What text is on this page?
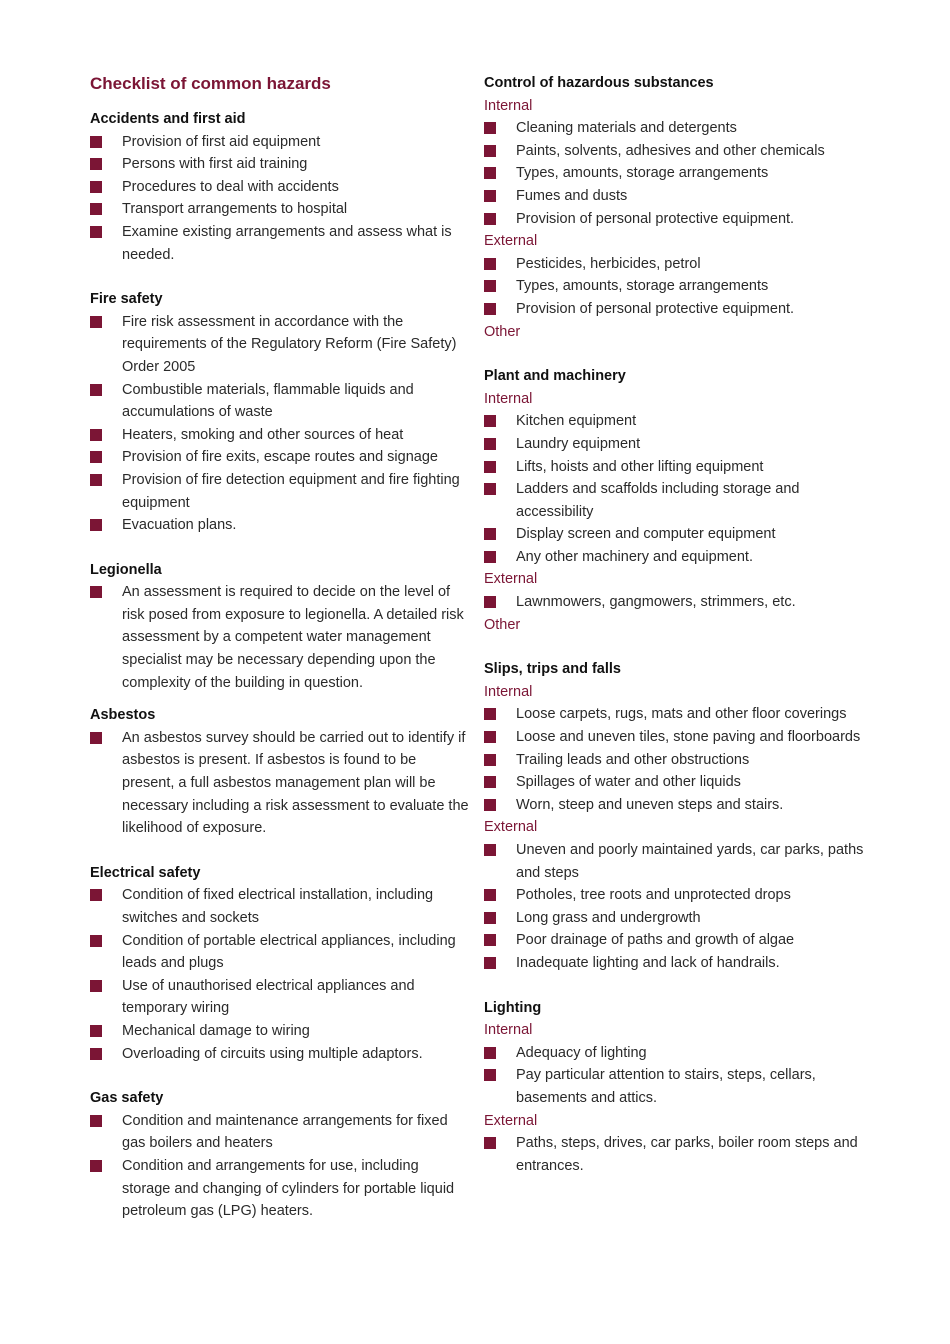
Checklist of common hazards
Accidents and first aid
Provision of first aid equipment
Persons with first aid training
Procedures to deal with accidents
Transport arrangements to hospital
Examine existing arrangements and assess what is needed.
Fire safety
Fire risk assessment in accordance with the requirements of the Regulatory Reform (Fire Safety) Order 2005
Combustible materials, flammable liquids and accumulations of waste
Heaters, smoking and other sources of heat
Provision of fire exits, escape routes and signage
Provision of fire detection equipment and fire fighting equipment
Evacuation plans.
Legionella
An assessment is required to decide on the level of risk posed from exposure to legionella. A detailed risk assessment by a competent water management specialist may be necessary depending upon the complexity of the building in question.
Asbestos
An asbestos survey should be carried out to identify if asbestos is present. If asbestos is found to be present, a full asbestos management plan will be necessary including a risk assessment to evaluate the likelihood of exposure.
Electrical safety
Condition of fixed electrical installation, including switches and sockets
Condition of portable electrical appliances, including leads and plugs
Use of unauthorised electrical appliances and temporary wiring
Mechanical damage to wiring
Overloading of circuits using multiple adaptors.
Gas safety
Condition and maintenance arrangements for fixed gas boilers and heaters
Condition and arrangements for use, including storage and changing of cylinders for portable liquid petroleum gas (LPG) heaters.
Control of hazardous substances

Internal

Cleaning materials and detergents
Paints, solvents, adhesives and other chemicals
Types, amounts, storage arrangements
Fumes and dusts
Provision of personal protective equipment.

External

Pesticides, herbicides, petrol
Types, amounts, storage arrangements
Provision of personal protective equipment.

Other

Plant and machinery

Internal

Kitchen equipment
Laundry equipment
Lifts, hoists and other lifting equipment
Ladders and scaffolds including storage and accessibility
Display screen and computer equipment
Any other machinery and equipment.

External

Lawnmowers, gangmowers, strimmers, etc.

Other

Slips, trips and falls

Internal

Loose carpets, rugs, mats and other floor coverings
Loose and uneven tiles, stone paving and floorboards
Trailing leads and other obstructions
Spillages of water and other liquids
Worn, steep and uneven steps and stairs.

External

Uneven and poorly maintained yards, car parks, paths and steps
Potholes, tree roots and unprotected drops
Long grass and undergrowth
Poor drainage of paths and growth of algae
Inadequate lighting and lack of handrails.
Lighting

Internal

Adequacy of lighting
Pay particular attention to stairs, steps, cellars, basements and attics.

External

Paths, steps, drives, car parks, boiler room steps and entrances.
